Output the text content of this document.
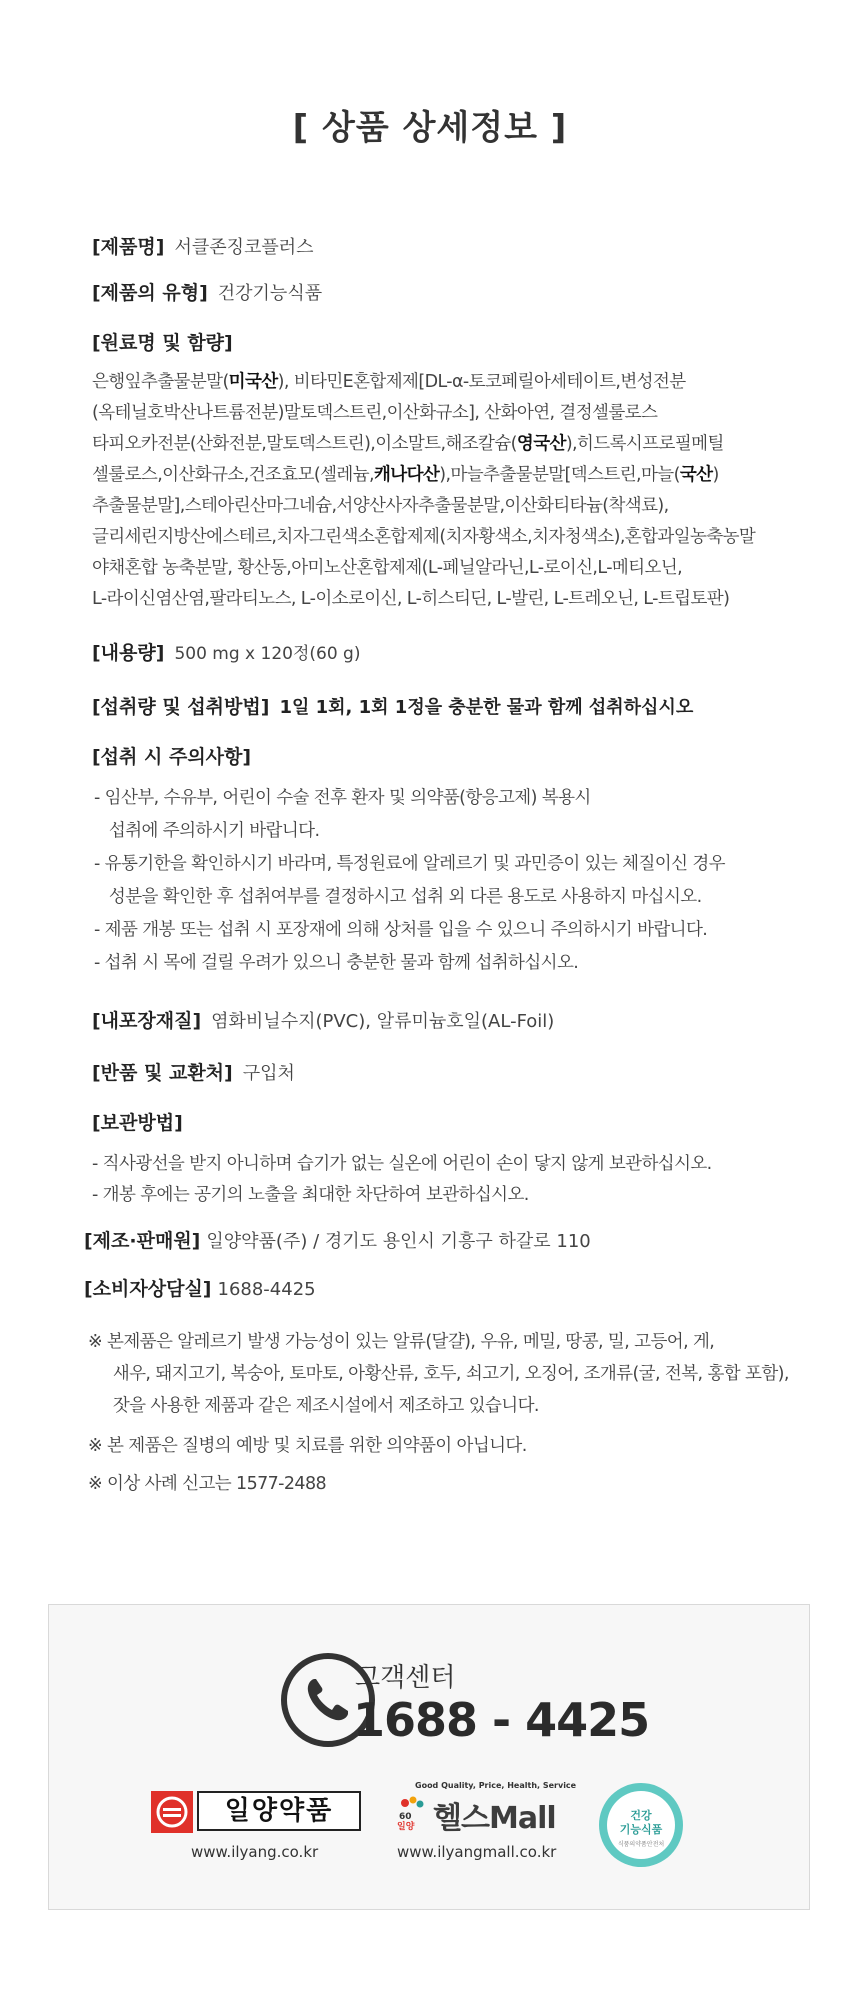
[ 상품 상세정보 ]
[제품명] 서클존징코플러스
[제품의 유형] 건강기능식품
[원료명 및 함량]
은행잎추출물분말(미국산), 비타민E혼합제제[DL-α-토코페릴아세테이트,변성전분
(옥테닐호박산나트륨전분)말토덱스트린,이산화규소], 산화아연, 결정셀룰로스
타피오카전분(산화전분,말토덱스트린),이소말트,해조칼슘(영국산),히드록시프로필메틸
셀룰로스,이산화규소,건조효모(셀레늄,캐나다산),마늘추출물분말[덱스트린,마늘(국산)
추출물분말],스테아린산마그네슘,서양산사자추출물분말,이산화티타늄(착색료),
글리세린지방산에스테르,치자그린색소혼합제제(치자황색소,치자청색소),혼합과일농축농말
야채혼합 농축분말, 황산동,아미노산혼합제제(L-페닐알라닌,L-로이신,L-메티오닌,
L-라이신염산염,팔라티노스, L-이소로이신, L-히스티딘, L-발린, L-트레오닌, L-트립토판)
[내용량] 500 mg x 120정(60 g)
[섭취량 및 섭취방법] 1일 1회, 1회 1정을 충분한 물과 함께 섭취하십시오
[섭취 시 주의사항]
- 임산부, 수유부, 어린이 수술 전후 환자 및 의약품(항응고제) 복용시
섭취에 주의하시기 바랍니다.
- 유통기한을 확인하시기 바라며, 특정원료에 알레르기 및 과민증이 있는 체질이신 경우
성분을 확인한 후 섭취여부를 결정하시고 섭취 외 다른 용도로 사용하지 마십시오.
- 제품 개봉 또는 섭취 시 포장재에 의해 상처를 입을 수 있으니 주의하시기 바랍니다.
- 섭취 시 목에 걸릴 우려가 있으니 충분한 물과 함께 섭취하십시오.
[내포장재질] 염화비닐수지(PVC), 알류미늄호일(AL-Foil)
[반품 및 교환처] 구입처
[보관방법]
- 직사광선을 받지 아니하며 습기가 없는 실온에 어린이 손이 닿지 않게 보관하십시오.
- 개봉 후에는 공기의 노출을 최대한 차단하여 보관하십시오.
[제조·판매원] 일양약품(주) / 경기도 용인시 기흥구 하갈로 110
[소비자상담실] 1688-4425
※ 본제품은 알레르기 발생 가능성이 있는 알류(달걀), 우유, 메밀, 땅콩, 밀, 고등어, 게,
새우, 돼지고기, 복숭아, 토마토, 아황산류, 호두, 쇠고기, 오징어, 조개류(굴, 전복, 홍합 포함),
잣을 사용한 제품과 같은 제조시설에서 제조하고 있습니다.
※ 본 제품은 질병의 예방 및 치료를 위한 의약품이 아닙니다.
※ 이상 사례 신고는 1577-2488
고객센터
1688 - 4425
일양약품
www.ilyang.co.kr
Good Quality, Price, Health, Service
60
일양 헬스Mall
www.ilyangmall.co.kr
건강
기능식품
식품의약품안전처
